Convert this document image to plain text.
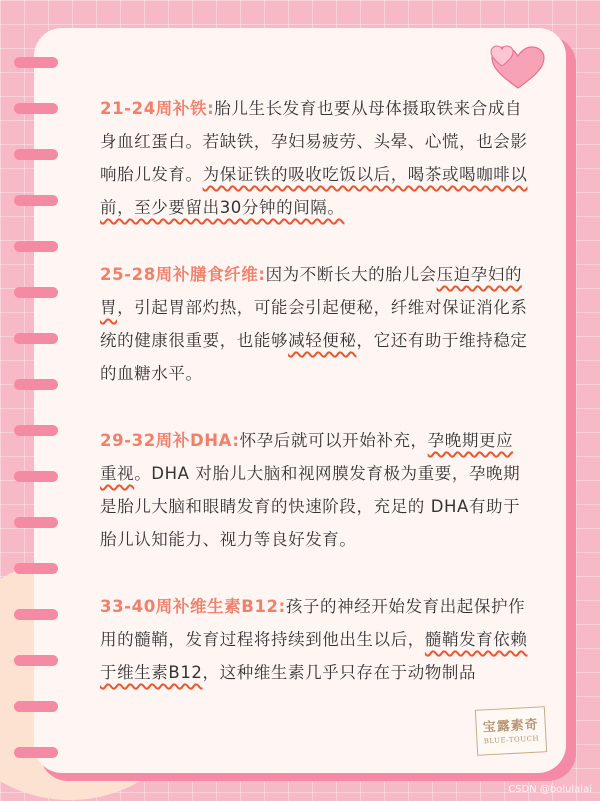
21-24周补铁:胎儿生长发育也要从母体摄取铁来合成自身血红蛋白。若缺铁，孕妇易疲劳、头晕、心慌，也会影响胎儿发育。为保证铁的吸收吃饭以后，喝茶或喝咖啡以前，至少要留出30分钟的间隔。

25-28周补膳食纤维:因为不断长大的胎儿会压迫孕妇的胃，引起胃部灼热，可能会引起便秘，纤维对保证消化系统的健康很重要，也能够减轻便秘，它还有助于维持稳定的血糖水平。

29-32周补DHA:怀孕后就可以开始补充，孕晚期更应重视。DHA 对胎儿大脑和视网膜发育极为重要，孕晚期是胎儿大脑和眼睛发育的快速阶段，充足的 DHA有助于胎儿认知能力、视力等良好发育。

33-40周补维生素B12:孩子的神经开始发育出起保护作用的髓鞘，发育过程将持续到他出生以后，髓鞘发育依赖于维生素B12，这种维生素几乎只存在于动物制品

宝露素奇
BLUE-TOUCH
CSDN @bolulalai
